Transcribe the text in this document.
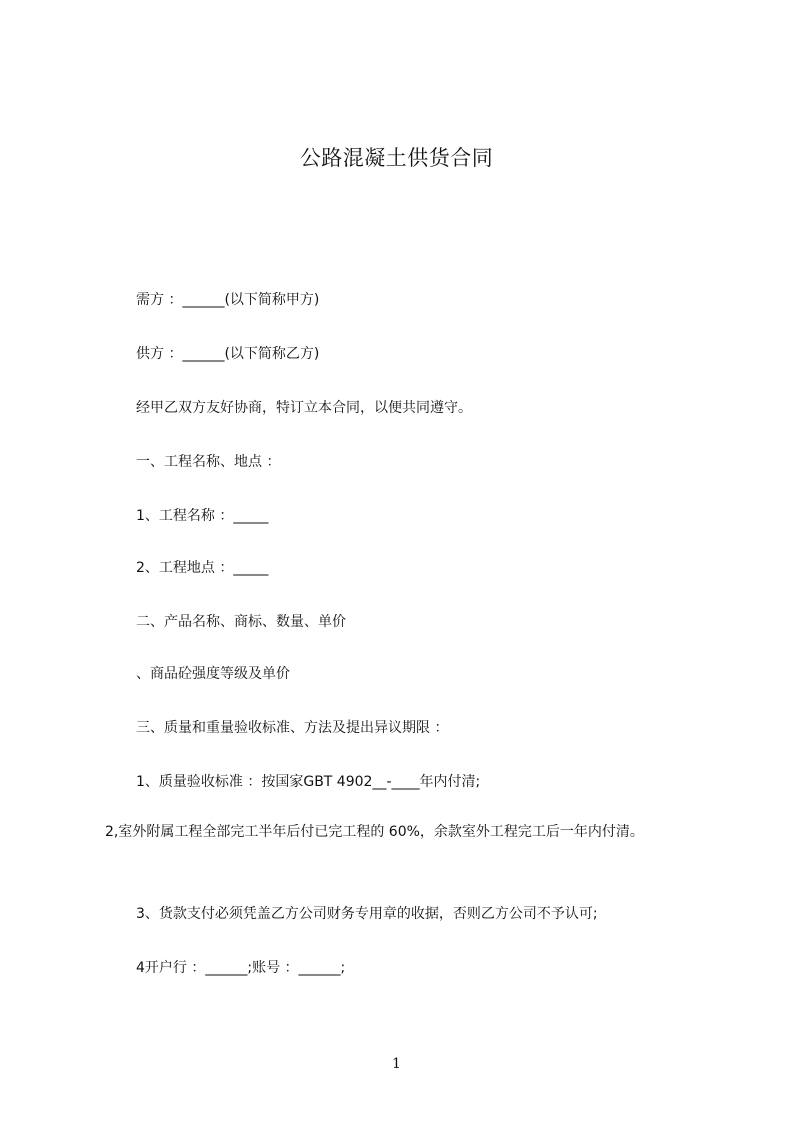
公路混凝土供货合同
需方 ：______(以下简称甲方)
供方 ：______(以下简称乙方)
经甲乙双方友好协商，特订立本合同，以便共同遵守。
一、工程名称、地点 ：
1、工程名称 ：_____
2、工程地点 ：_____
二、产品名称、商标、数量、单价
、商品砼强度等级及单价
三、质量和重量验收标准、方法及提出异议期限 ：
1、质量验收标准 ：按国家GBT 4902__-____年内付清;
2,室外附属工程全部完工半年后付已完工程的 60%，余款室外工程完工后一年内付清。
3、货款支付必须凭盖乙方公司财务专用章的收据，否则乙方公司不予认可;
4开户行 ：______;账号 ：______;
1
